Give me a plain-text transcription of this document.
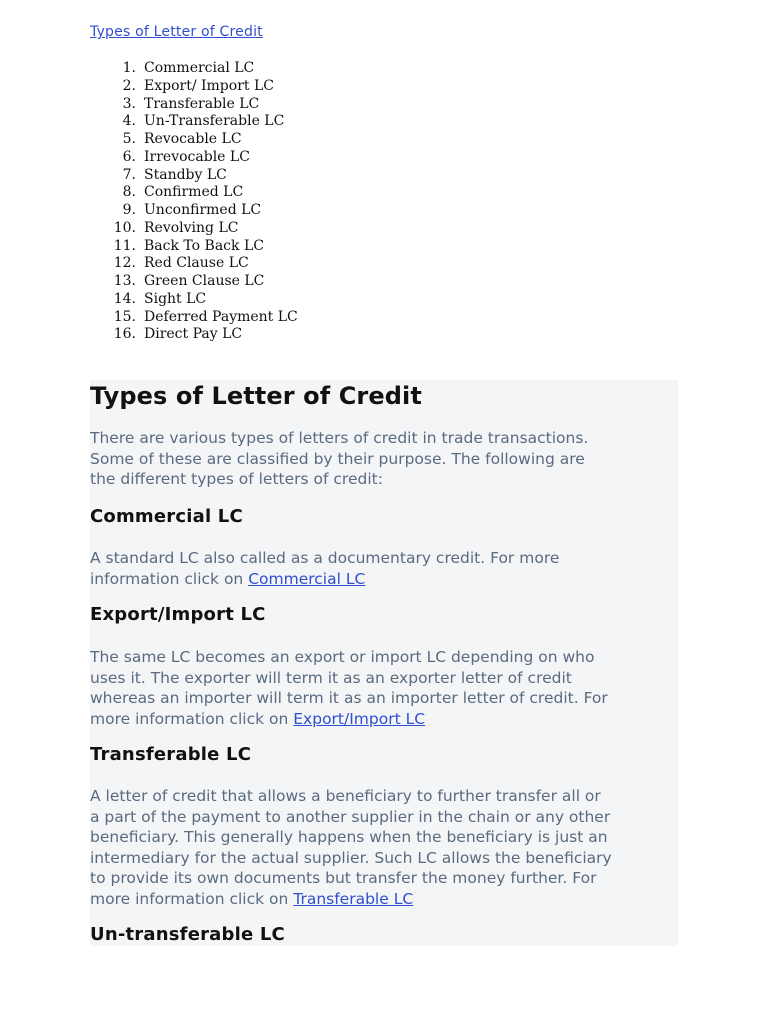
Types of Letter of Credit
1 . Commercial LC
2 . Export/ Import LC
3 . Transferable LC
4 . Un-Transferable LC
5 . Revocable LC
6 . Irrevocable LC
7 . Standby LC
8 . Confirmed LC
9 . Unconfirmed LC
10 . Revolving LC
11 . Back To Back LC
12 . Red Clause LC
13 . Green Clause LC
14 . Sight LC
15 . Deferred Payment LC
16 . Direct Pay LC
Types of Letter of Credit

There are various types of letters of credit in trade transactions.
Some of these are classified by their purpose. The following are
the different types of letters of credit:

Commercial LC

A standard LC also called as a documentary credit. For more
information click on Commercial LC

Export/Import LC

The same LC becomes an export or import LC depending on who
uses it. The exporter will term it as an exporter letter of credit
whereas an importer will term it as an importer letter of credit. For
more information click on Export/Import LC

Transferable LC

A letter of credit that allows a beneficiary to further transfer all or
a part of the payment to another supplier in the chain or any other
beneficiary. This generally happens when the beneficiary is just an
intermediary for the actual supplier. Such LC allows the beneficiary
to provide its own documents but transfer the money further. For
more information click on Transferable LC

Un-transferable LC
